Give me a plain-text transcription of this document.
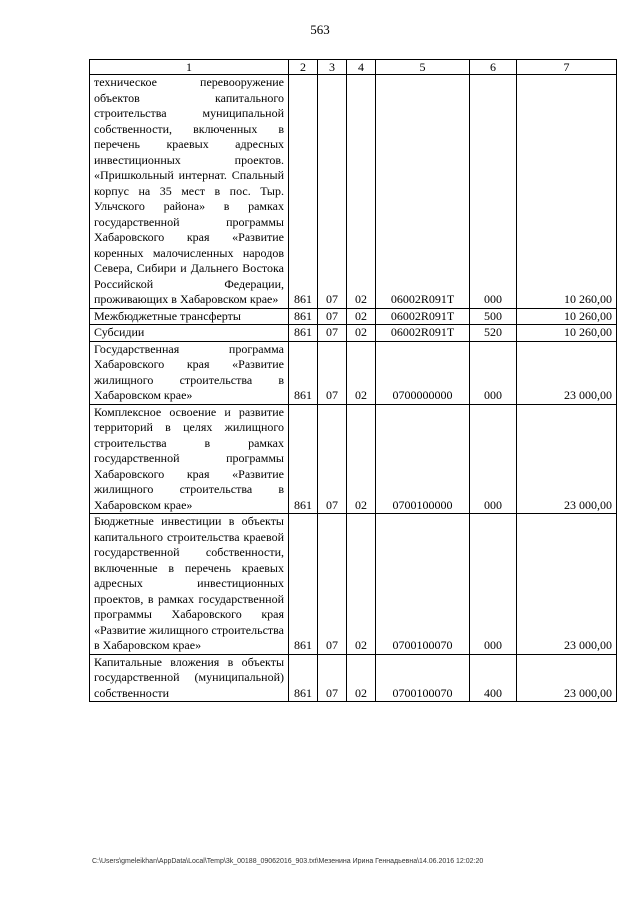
563
1	2	3	4	5	6	7
техническое перевооружение объектов капитального строительства муниципальной собственности, включенных в перечень краевых адресных инвестиционных проектов. «Пришкольный интернат. Спальный корпус на 35 мест в пос. Тыр. Ульчского района» в рамках государственной программы Хабаровского края «Развитие коренных малочисленных народов Севера, Сибири и Дальнего Востока Российской Федерации, проживающих в Хабаровском крае»	861	07	02	06002R091T	000	10 260,00
Межбюджетные трансферты	861	07	02	06002R091T	500	10 260,00
Субсидии	861	07	02	06002R091T	520	10 260,00
Государственная программа Хабаровского края «Развитие жилищного строительства в Хабаровском крае»	861	07	02	0700000000	000	23 000,00
Комплексное освоение и развитие территорий в целях жилищного строительства в рамках государственной программы Хабаровского края «Развитие жилищного строительства в Хабаровском крае»	861	07	02	0700100000	000	23 000,00
Бюджетные инвестиции в объекты капитального строительства краевой государственной собственности, включенные в перечень краевых адресных инвестиционных проектов, в рамках государственной программы Хабаровского края «Развитие жилищного строительства в Хабаровском крае»	861	07	02	0700100070	000	23 000,00
Капитальные вложения в объекты государственной (муниципальной) собственности	861	07	02	0700100070	400	23 000,00
C:\Users\gmeleikhan\AppData\Local\Temp\3k_00188_09062016_903.txt\Мезенина Ирина Геннадьевна\14.06.2016 12:02:20
